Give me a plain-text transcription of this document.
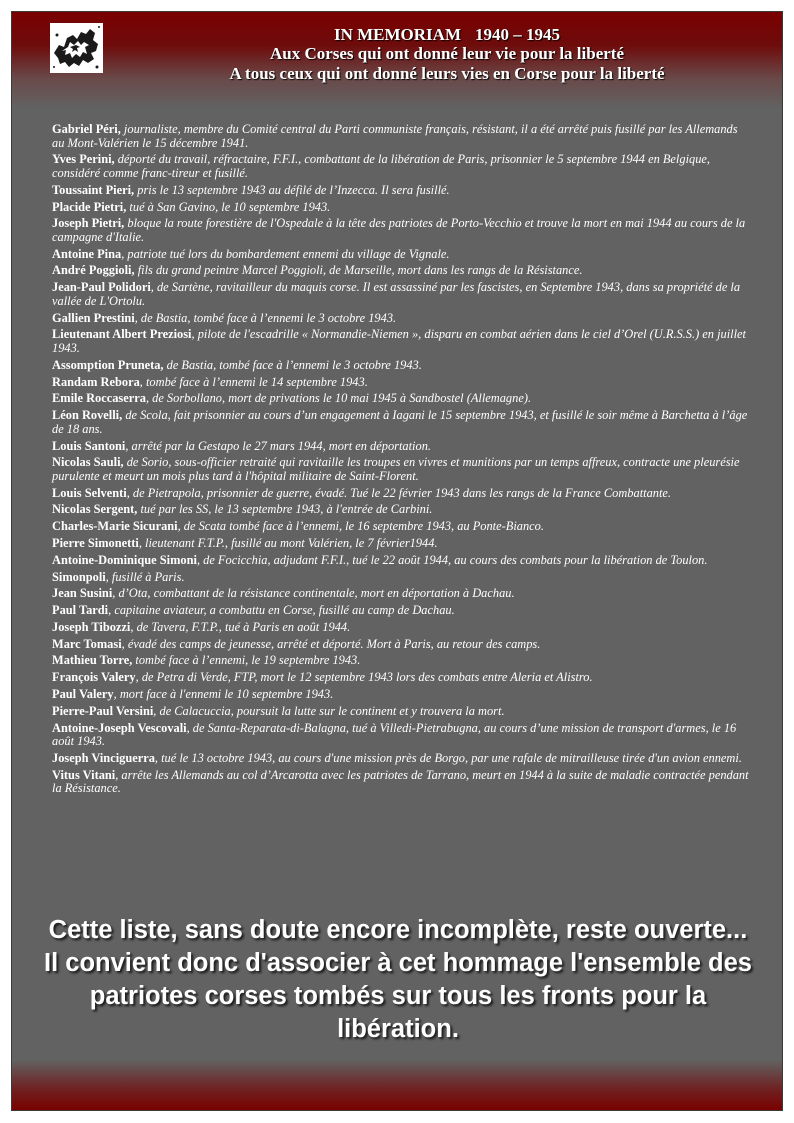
IN MEMORIAM 1940 – 1945
Aux Corses qui ont donné leur vie pour la liberté
A tous ceux qui ont donné leurs vies en Corse pour la liberté
Gabriel Péri, journaliste, membre du Comité central du Parti communiste français, résistant, il a été arrêté puis fusillé par les Allemands au Mont-Valérien le 15 décembre 1941.
Yves Perini, déporté du travail, réfractaire, F.F.I., combattant de la libération de Paris, prisonnier le 5 septembre 1944 en Belgique, considéré comme franc-tireur et fusillé.
Toussaint Pieri, pris le 13 septembre 1943 au défilé de l’Inzecca. Il sera fusillé.
Placide Pietri, tué à San Gavino, le 10 septembre 1943.
Joseph Pietri, bloque la route forestière de l'Ospedale à la tête des patriotes de Porto-Vecchio et trouve la mort en mai 1944 au cours de la campagne d'Italie.
Antoine Pina, patriote tué lors du bombardement ennemi du village de Vignale.
André Poggioli, fils du grand peintre Marcel Poggioli, de Marseille, mort dans les rangs de la Résistance.
Jean-Paul Polidori, de Sartène, ravitailleur du maquis corse. Il est assassiné par les fascistes, en Septembre 1943, dans sa propriété de la vallée de L'Ortolu.
Gallien Prestini, de Bastia, tombé face à l’ennemi le 3 octobre 1943.
Lieutenant Albert Preziosi, pilote de l'escadrille « Normandie-Niemen », disparu en combat aérien dans le ciel d’Orel (U.R.S.S.) en juillet 1943.
Assomption Pruneta, de Bastia, tombé face à l’ennemi le 3 octobre 1943.
Randam Rebora, tombé face à l’ennemi le 14 septembre 1943.
Emile Roccaserra, de Sorbollano, mort de privations le 10 mai 1945 à Sandbostel (Allemagne).
Léon Rovelli, de Scola, fait prisonnier au cours d’un engagement à Iagani le 15 septembre 1943, et fusillé le soir même à Barchetta à l’âge de 18 ans.
Louis Santoni, arrêté par la Gestapo le 27 mars 1944, mort en déportation.
Nicolas Sauli, de Sorio, sous-officier retraité qui ravitaille les troupes en vivres et munitions par un temps affreux, contracte une pleurésie purulente et meurt un mois plus tard à l'hôpital militaire de Saint-Florent.
Louis Selventi, de Pietrapola, prisonnier de guerre, évadé. Tué le 22 février 1943 dans les rangs de la France Combattante.
Nicolas Sergent, tué par les SS, le 13 septembre 1943, à l'entrée de Carbini.
Charles-Marie Sicurani, de Scata tombé face à l’ennemi, le 16 septembre 1943, au Ponte-Bianco.
Pierre Simonetti, lieutenant F.T.P., fusillé au mont Valérien, le 7 février1944.
Antoine-Dominique Simoni, de Focicchia, adjudant F.F.I., tué le 22 août 1944, au cours des combats pour la libération de Toulon.
Simonpoli, fusillé à Paris.
Jean Susini, d’Ota, combattant de la résistance continentale, mort en déportation à Dachau.
Paul Tardi, capitaine aviateur, a combattu en Corse, fusillé au camp de Dachau.
Joseph Tibozzi, de Tavera, F.T.P., tué à Paris en août 1944.
Marc Tomasi, évadé des camps de jeunesse, arrêté et déporté. Mort à Paris, au retour des camps.
Mathieu Torre, tombé face à l’ennemi, le 19 septembre 1943.
François Valery, de Petra di Verde, FTP, mort le 12 septembre 1943 lors des combats entre Aleria et Alistro.
Paul Valery, mort face à l'ennemi le 10 septembre 1943.
Pierre-Paul Versini, de Calacuccia, poursuit la lutte sur le continent et y trouvera la mort.
Antoine-Joseph Vescovali, de Santa-Reparata-di-Balagna, tué à Villedi-Pietrabugna, au cours d’une mission de transport d'armes, le 16 août 1943.
Joseph Vinciguerra, tué le 13 octobre 1943, au cours d'une mission près de Borgo, par une rafale de mitrailleuse tirée d'un avion ennemi.
Vitus Vitani, arrête les Allemands au col d’Arcarotta avec les patriotes de Tarrano, meurt en 1944 à la suite de maladie contractée pendant la Résistance.
Cette liste, sans doute encore incomplète, reste ouverte... Il convient donc d'associer à cet hommage l'ensemble des patriotes corses tombés sur tous les fronts pour la libération.
